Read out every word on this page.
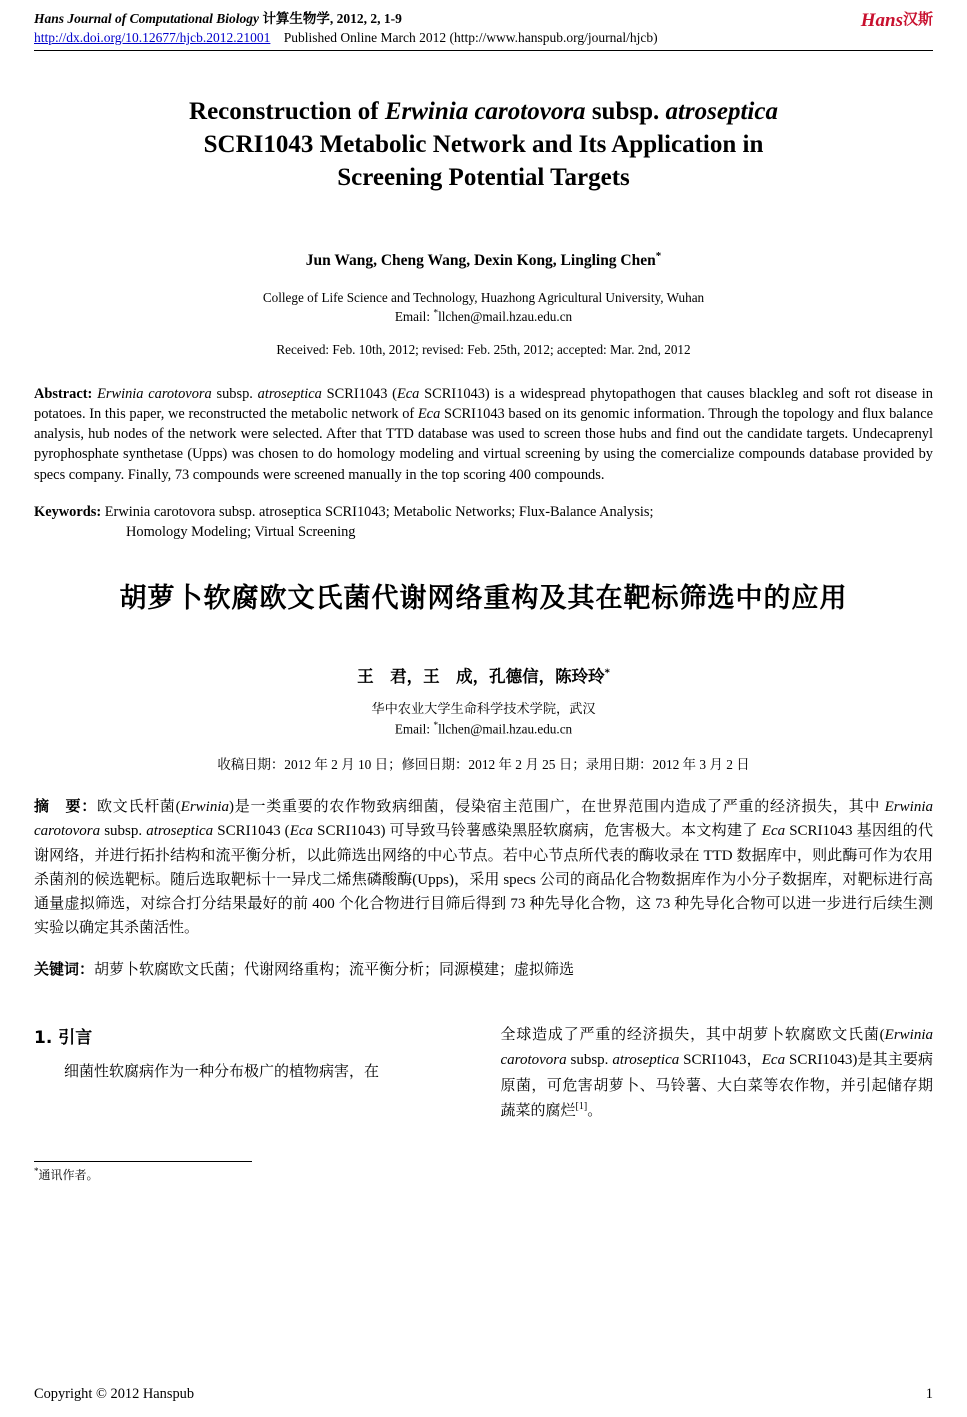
Hans Journal of Computational Biology 计算生物学, 2012, 2, 1-9
http://dx.doi.org/10.12677/hjcb.2012.21001 Published Online March 2012 (http://www.hanspub.org/journal/hjcb)
Hans汉斯
Reconstruction of Erwinia carotovora subsp. atroseptica
SCRI1043 Metabolic Network and Its Application in
Screening Potential Targets
Jun Wang, Cheng Wang, Dexin Kong, Lingling Chen*
College of Life Science and Technology, Huazhong Agricultural University, Wuhan
Email: *llchen@mail.hzau.edu.cn
Received: Feb. 10th, 2012; revised: Feb. 25th, 2012; accepted: Mar. 2nd, 2012
Abstract: Erwinia carotovora subsp. atroseptica SCRI1043 (Eca SCRI1043) is a widespread phytopathogen that causes blackleg and soft rot disease in potatoes. In this paper, we reconstructed the metabolic network of Eca SCRI1043 based on its genomic information. Through the topology and flux balance analysis, hub nodes of the network were selected. After that TTD database was used to screen those hubs and find out the candidate targets. Undecaprenyl pyrophosphate synthetase (Upps) was chosen to do homology modeling and virtual screening by using the comercialize compounds database provided by specs company. Finally, 73 compounds were screened manually in the top scoring 400 compounds.
Keywords: Erwinia carotovora subsp. atroseptica SCRI1043; Metabolic Networks; Flux-Balance Analysis;
Homology Modeling; Virtual Screening
胡萝卜软腐欧文氏菌代谢网络重构及其在靶标筛选中的应用
王　君，王　成，孔德信，陈玲玲*
华中农业大学生命科学技术学院，武汉
Email: *llchen@mail.hzau.edu.cn
收稿日期：2012 年 2 月 10 日；修回日期：2012 年 2 月 25 日；录用日期：2012 年 3 月 2 日
摘　要：欧文氏杆菌(Erwinia)是一类重要的农作物致病细菌，侵染宿主范围广，在世界范围内造成了严重的经济损失，其中 Erwinia carotovora subsp. atroseptica SCRI1043 (Eca SCRI1043) 可导致马铃薯感染黑胫软腐病，危害极大。本文构建了 Eca SCRI1043 基因组的代谢网络，并进行拓扑结构和流平衡分析，以此筛选出网络的中心节点。若中心节点所代表的酶收录在 TTD 数据库中，则此酶可作为农用杀菌剂的候选靶标。随后选取靶标十一异戊二烯焦磷酸酶(Upps)，采用 specs 公司的商品化合物数据库作为小分子数据库，对靶标进行高通量虚拟筛选，对综合打分结果最好的前 400 个化合物进行目筛后得到 73 种先导化合物，这 73 种先导化合物可以进一步进行后续生测实验以确定其杀菌活性。
关键词：胡萝卜软腐欧文氏菌；代谢网络重构；流平衡分析；同源模建；虚拟筛选
1. 引言
细菌性软腐病作为一种分布极广的植物病害，在
*通讯作者。
全球造成了严重的经济损失，其中胡萝卜软腐欧文氏菌(Erwinia carotovora subsp. atroseptica SCRI1043，Eca SCRI1043)是其主要病原菌，可危害胡萝卜、马铃薯、大白菜等农作物，并引起储存期蔬菜的腐烂[1]。
Copyright © 2012 Hanspub	1
